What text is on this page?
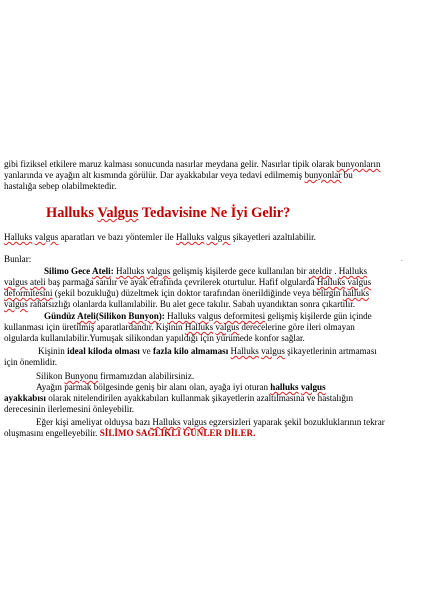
gibi fiziksel etkilere maruz kalması sonucunda nasırlar meydana gelir. Nasırlar tipik olarak bunyonların
yanlarında ve ayağın alt kısmında görülür. Dar ayakkabılar veya tedavi edilmemiş bunyonlar bu
hastalığa sebep olabilmektedir.
Halluks Valgus Tedavisine Ne İyi Gelir?
Halluks valgus aparatları ve bazı yöntemler ile Halluks valgus şikayetleri azaltılabilir.
Bunlar:	.
Silimo Gece Ateli: Halluks valgus gelişmiş kişilerde gece kullanılan bir ateldir . Halluks
valgus ateli baş parmağa sarılır ve ayak etrafında çevrilerek oturtulur. Hafif olgularda Halluks valgus
deformitesini (şekil bozukluğu) düzeltmek için doktor tarafından önerildiğinde veya belirgin halluks
valgus rahatsızlığı olanlarda kullanılabilir. Bu alet gece takılır. Sabah uyandıktan sonra çıkartılır.
Gündüz Ateli(Silikon Bunyon): Halluks valgus deformitesi gelişmiş kişilerde gün içinde
kullanması için üretilmiş aparatlardandır. Kişinin Halluks valgus derecelerine göre ileri olmayan
olgularda kullanılabilir.Yumuşak silikondan yapıldığı için yürümede konfor sağlar.
Kişinin ideal kiloda olması ve fazla kilo almaması Halluks valgus şikayetlerinin artmaması
için önemlidir.
Silikon Bunyonu firmamızdan alabilirsiniz.
Ayağın parmak bölgesinde geniş bir alanı olan, ayağa iyi oturan halluks valgus
ayakkabısı olarak nitelendirilen ayakkabıları kullanmak şikayetlerin azaltılmasına ve hastalığın
derecesinin ilerlemesini önleyebilir.
Eğer kişi ameliyat olduysa bazı Halluks valgus egzersizleri yaparak şekil bozukluklarının tekrar
oluşmasını engelleyebilir. SİLİMO SAĞLIKLI GÜNLER DİLER.
